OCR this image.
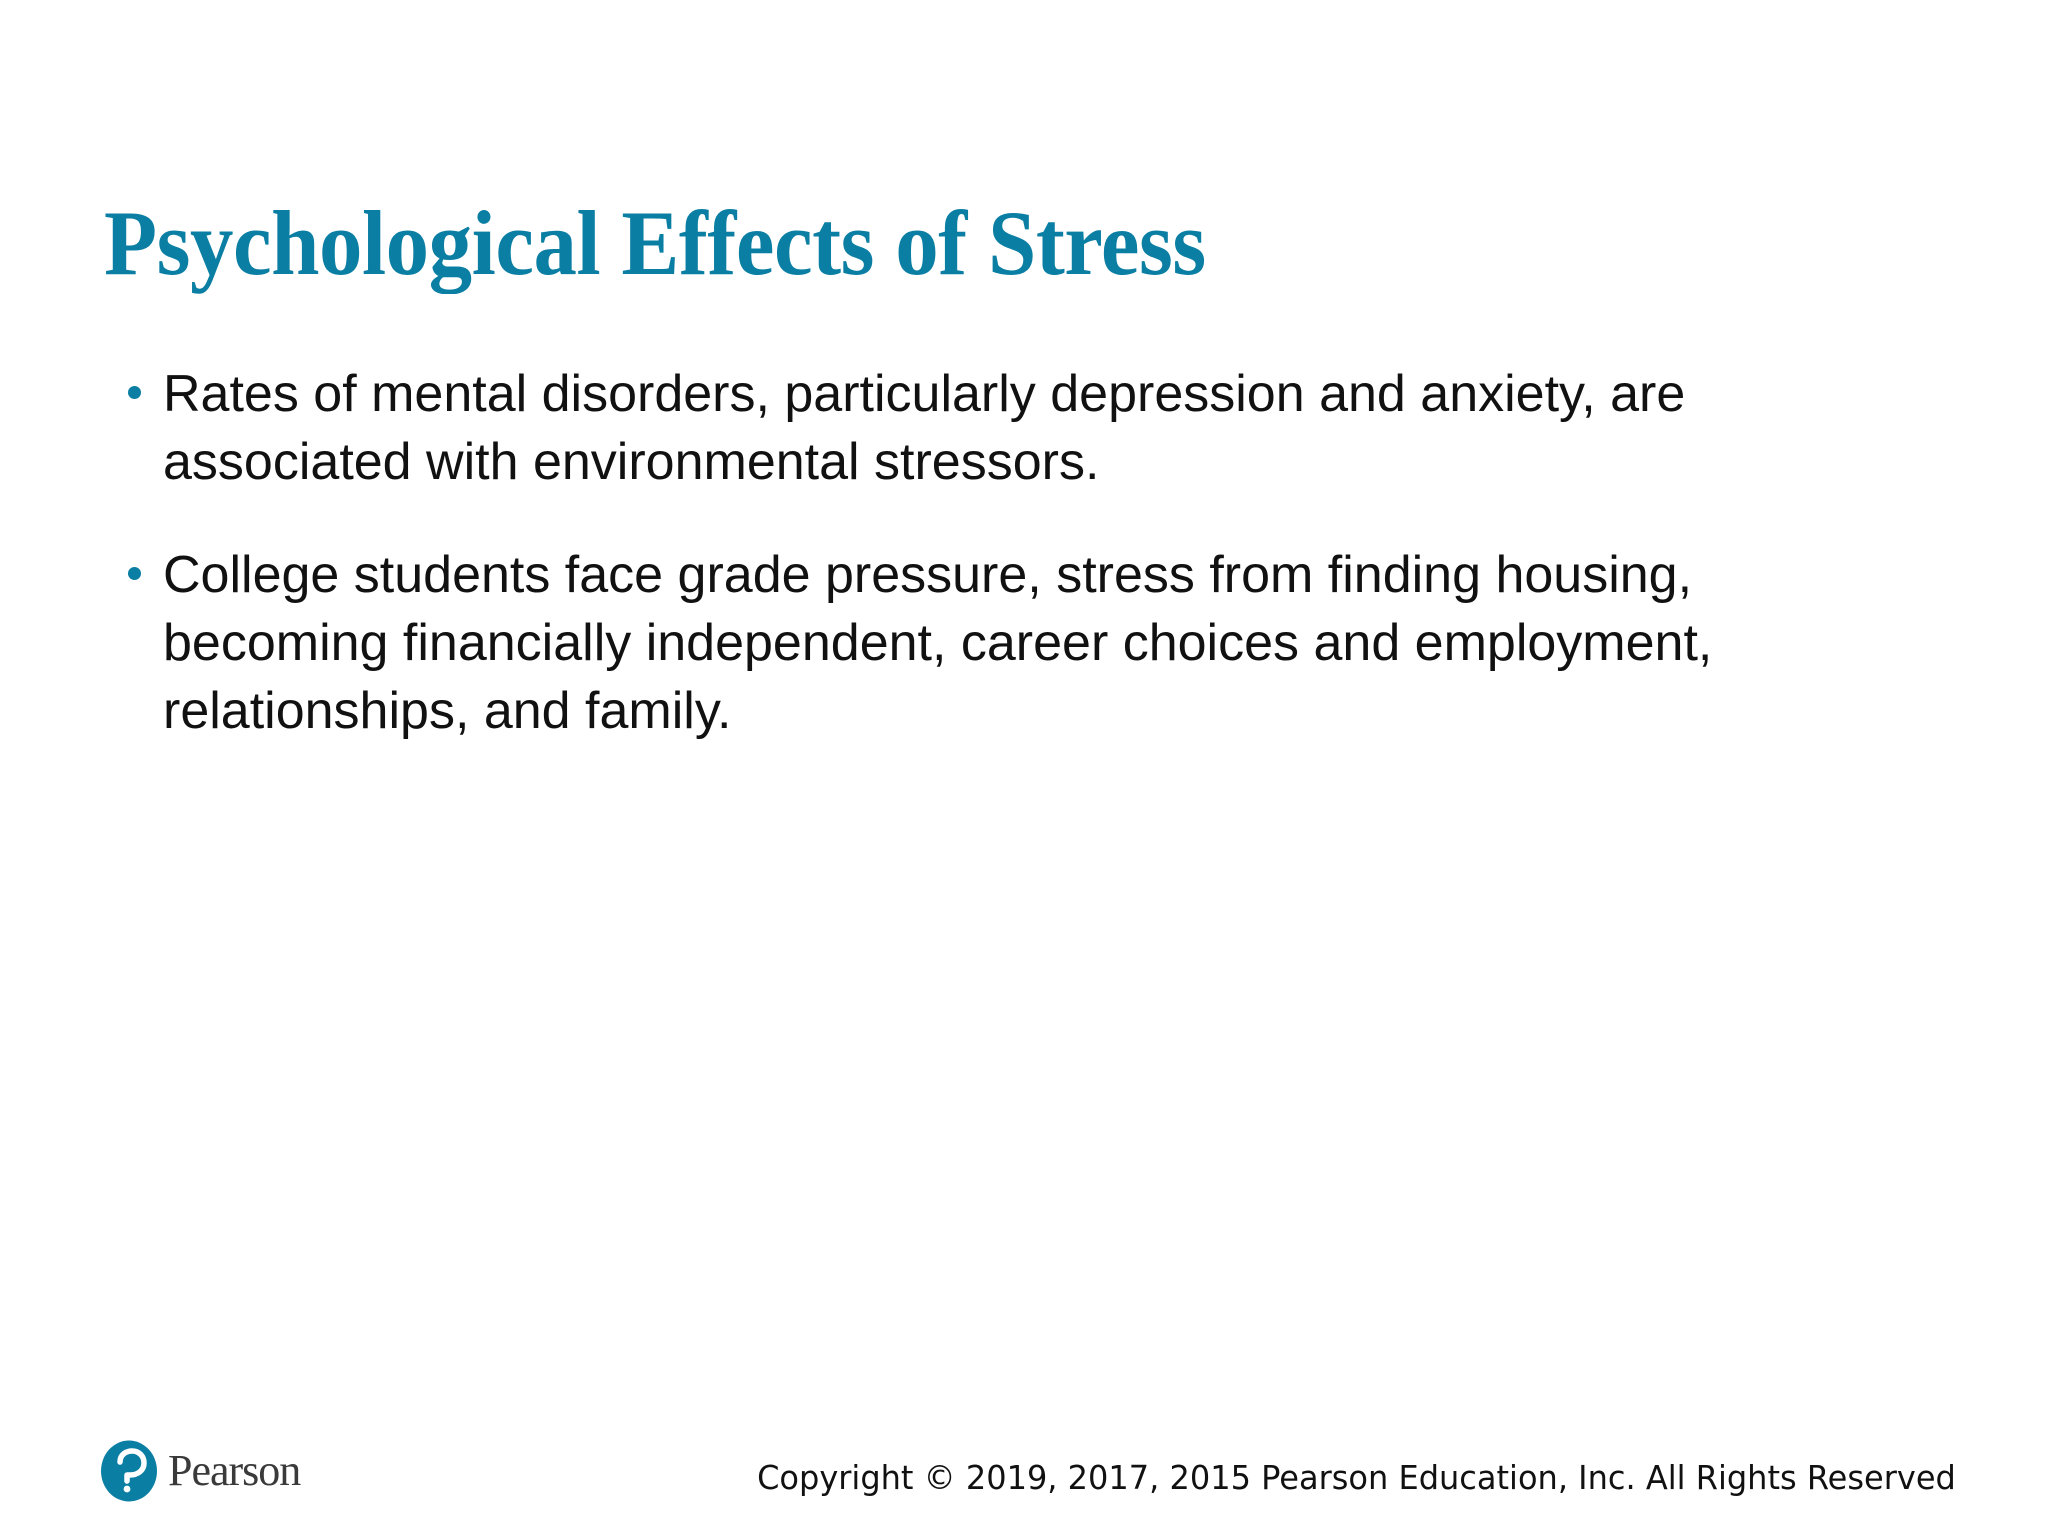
Psychological Effects of Stress
Rates of mental disorders, particularly depression and anxiety, are
associated with environmental stressors.
College students face grade pressure, stress from finding housing,
becoming financially independent, career choices and employment,
relationships, and family.
Pearson	Copyright © 2019, 2017, 2015 Pearson Education, Inc. All Rights Reserved
